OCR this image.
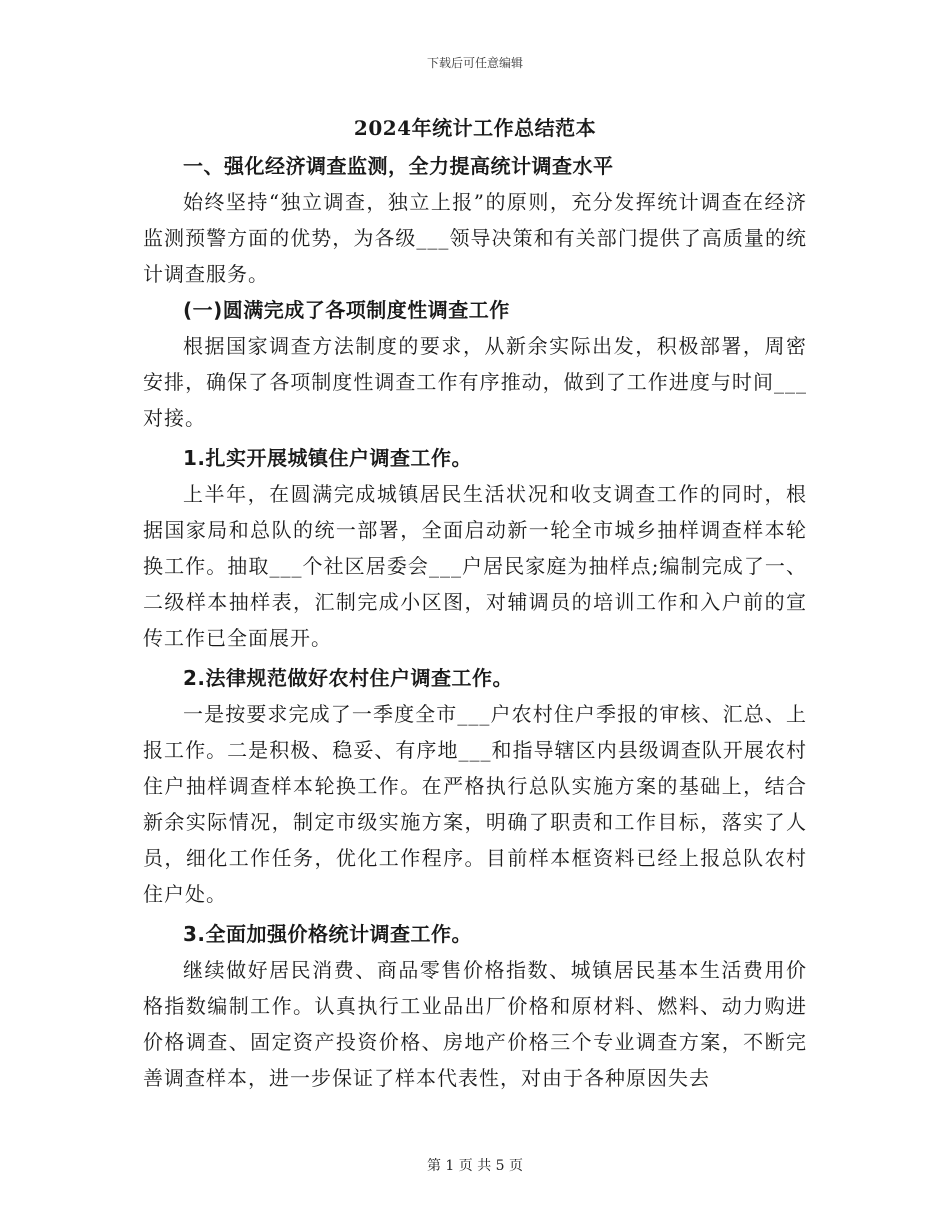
下载后可任意编辑
2024年统计工作总结范本
一、强化经济调查监测，全力提高统计调查水平

始终坚持“独立调查，独立上报”的原则，充分发挥统计调查在经济监测预警方面的优势，为各级___领导决策和有关部门提供了高质量的统计调查服务。

(一)圆满完成了各项制度性调查工作

根据国家调查方法制度的要求，从新余实际出发，积极部署，周密安排，确保了各项制度性调查工作有序推动，做到了工作进度与时间___对接。

1.扎实开展城镇住户调查工作。

上半年，在圆满完成城镇居民生活状况和收支调查工作的同时，根据国家局和总队的统一部署，全面启动新一轮全市城乡抽样调查样本轮换工作。抽取___个社区居委会___户居民家庭为抽样点;编制完成了一、二级样本抽样表，汇制完成小区图，对辅调员的培训工作和入户前的宣传工作已全面展开。

2.法律规范做好农村住户调查工作。

一是按要求完成了一季度全市___户农村住户季报的审核、汇总、上报工作。二是积极、稳妥、有序地___和指导辖区内县级调查队开展农村住户抽样调查样本轮换工作。在严格执行总队实施方案的基础上，结合新余实际情况，制定市级实施方案，明确了职责和工作目标，落实了人员，细化工作任务，优化工作程序。目前样本框资料已经上报总队农村住户处。

3.全面加强价格统计调查工作。

继续做好居民消费、商品零售价格指数、城镇居民基本生活费用价格指数编制工作。认真执行工业品出厂价格和原材料、燃料、动力购进价格调查、固定资产投资价格、房地产价格三个专业调查方案，不断完善调查样本，进一步保证了样本代表性，对由于各种原因失去

第 1 页 共 5 页
